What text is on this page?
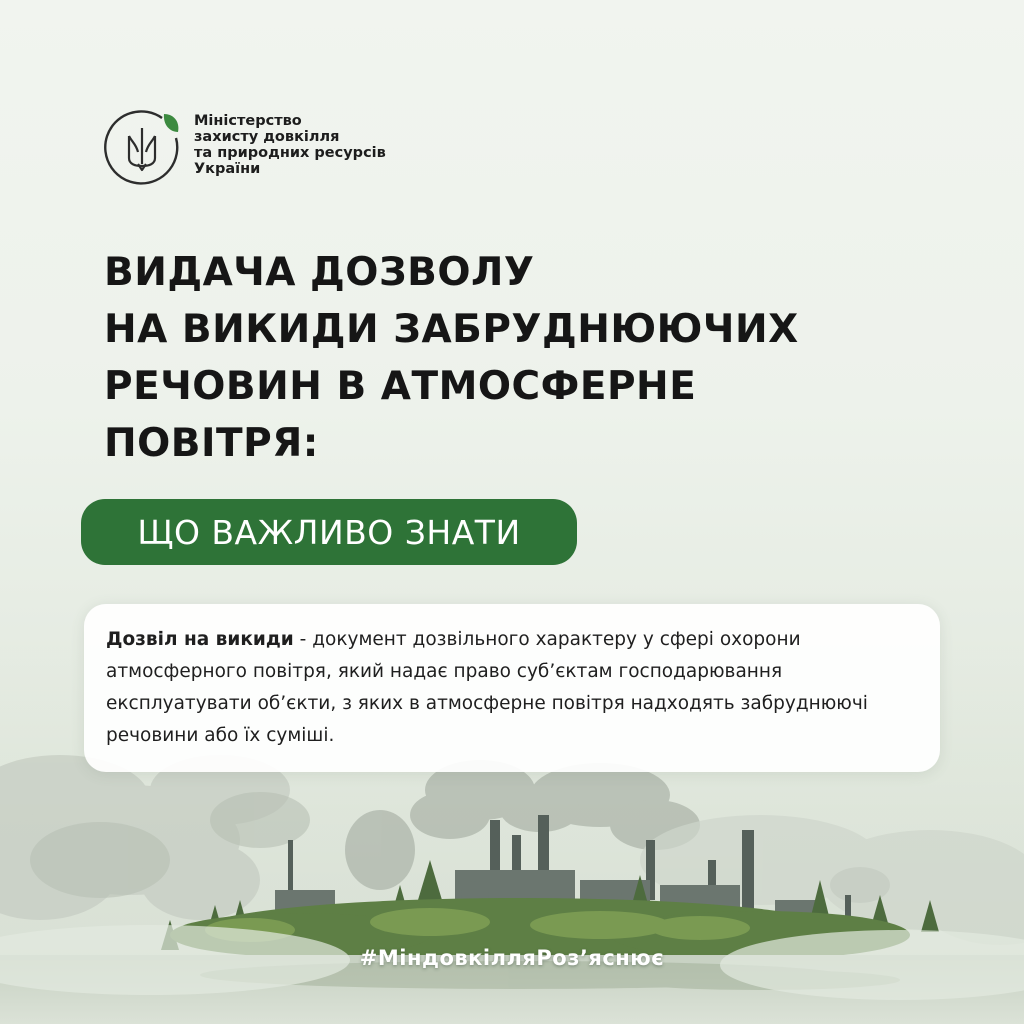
Міністерство
захисту довкілля
та природних ресурсів
України
ВИДАЧА ДОЗВОЛУ
НА ВИКИДИ ЗАБРУДНЮЮЧИХ
РЕЧОВИН В АТМОСФЕРНЕ
ПОВІТРЯ:
ЩО ВАЖЛИВО ЗНАТИ

Дозвіл на викиди - документ дозвільного характеру у сфері охорони атмосферного повітря, який надає право суб’єктам господарювання експлуатувати об’єкти, з яких в атмосферне повітря надходять забруднюючі речовини або їх суміші.

#МіндовкілляРоз’яснює
